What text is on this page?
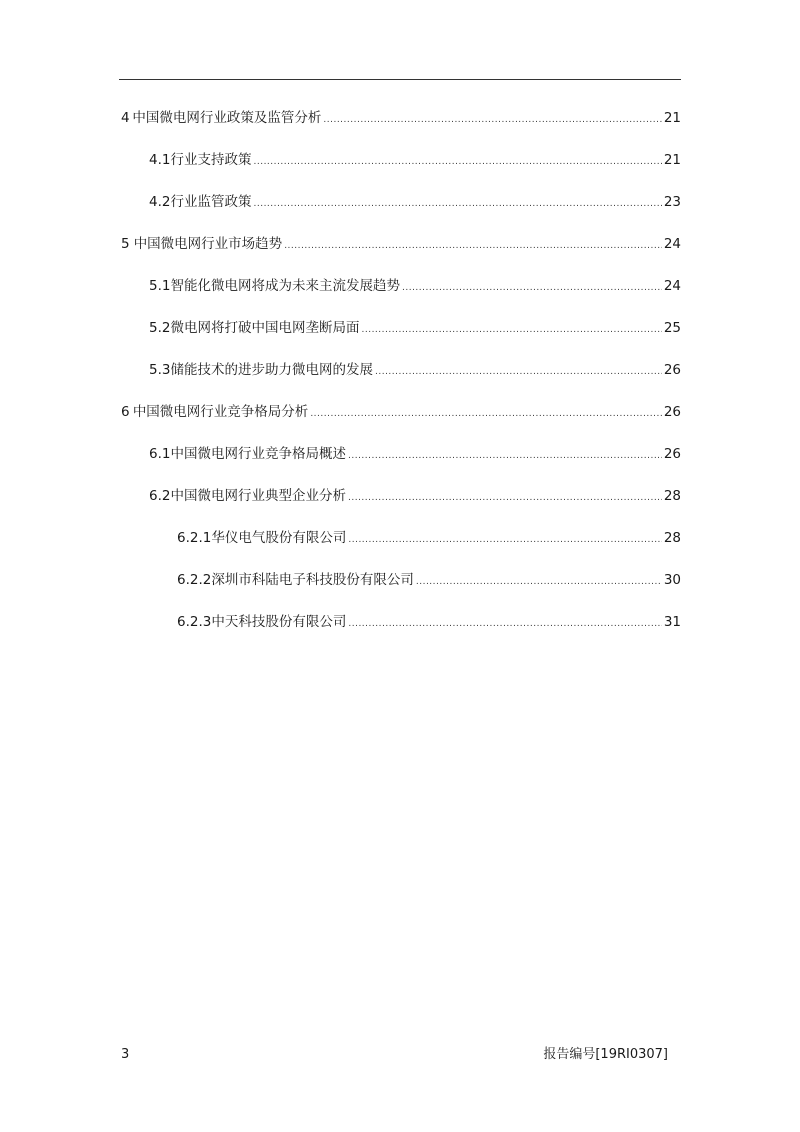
4 中国微电网行业政策及监管分析 .....	21
4.1 行业支持政策 .....	21
4.2 行业监管政策 .....	23
5 中国微电网行业市场趋势 .....	24
5.1 智能化微电网将成为未来主流发展趋势 .....	24
5.2 微电网将打破中国电网垄断局面 .....	25
5.3 储能技术的进步助力微电网的发展 .....	26
6 中国微电网行业竞争格局分析 .....	26
6.1 中国微电网行业竞争格局概述 .....	26
6.2 中国微电网行业典型企业分析 .....	28
6.2.1 华仪电气股份有限公司 .....	28
6.2.2 深圳市科陆电子科技股份有限公司 .....	30
6.2.3 中天科技股份有限公司 .....	31
3	报告编号[19RI0307]
